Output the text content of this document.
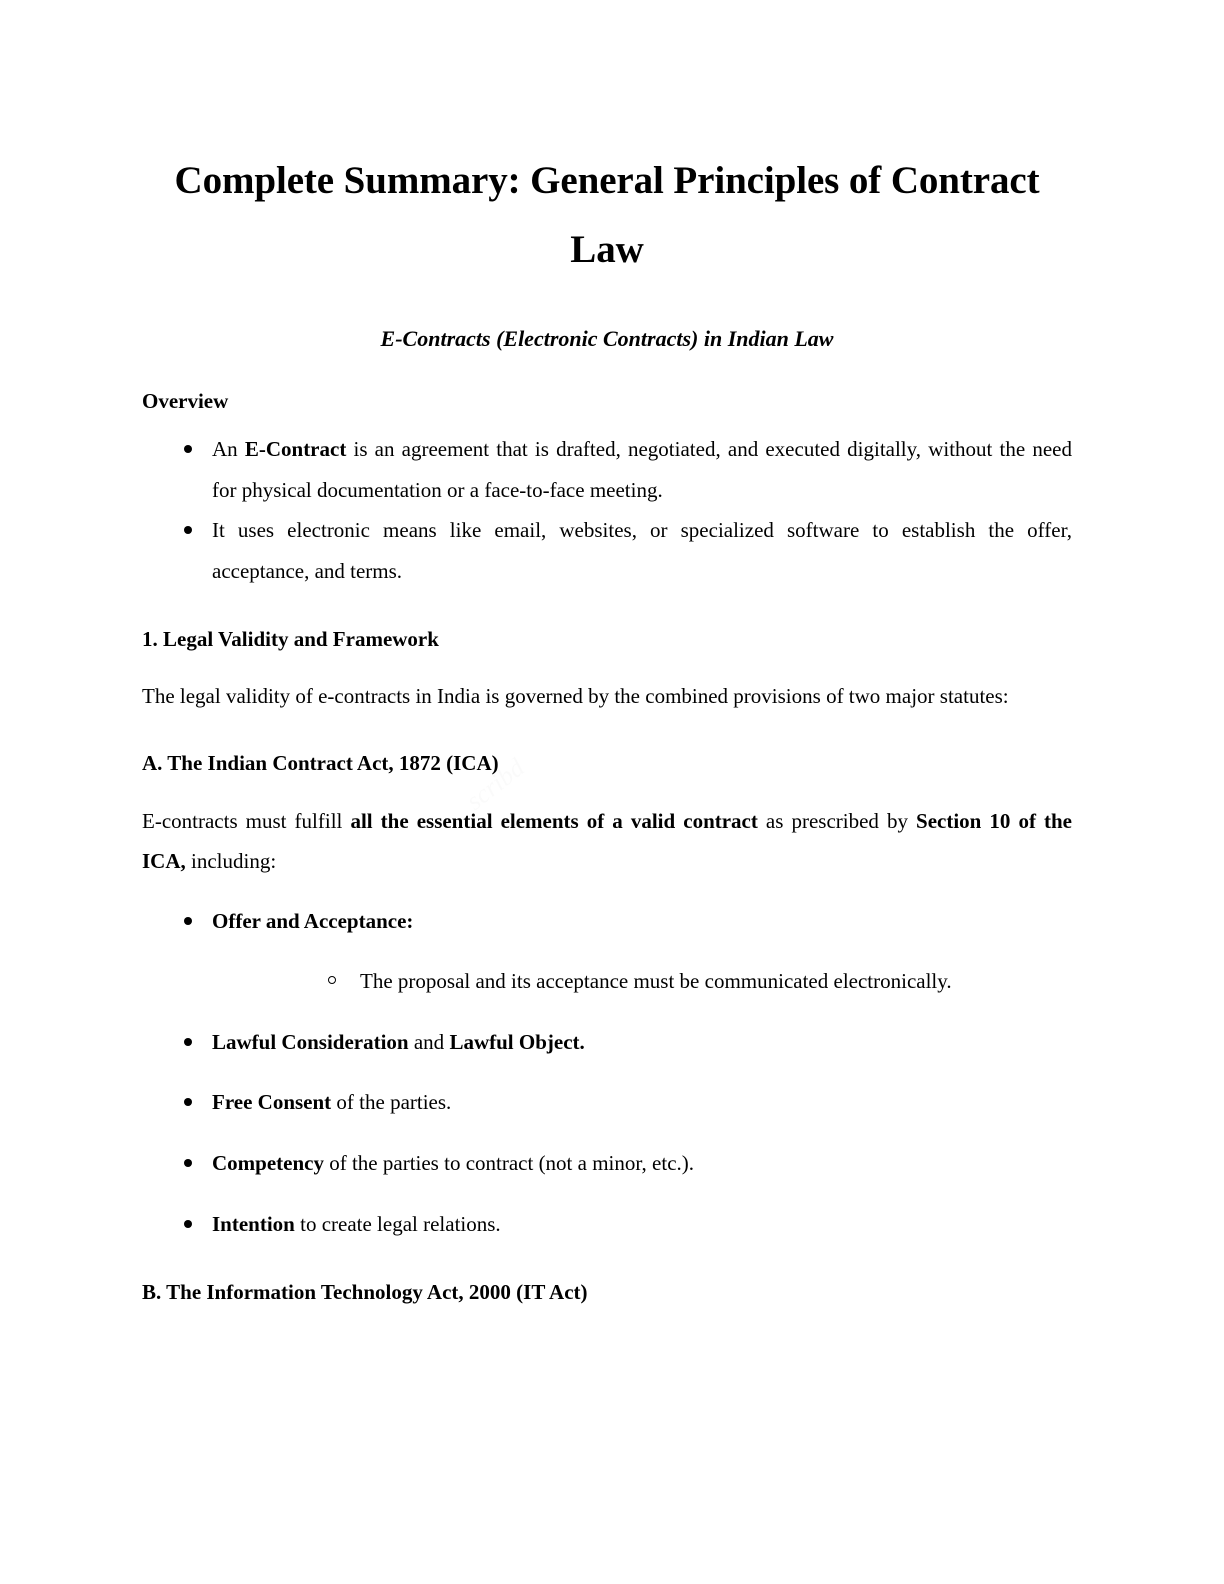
Complete Summary: General Principles of Contract Law
E-Contracts (Electronic Contracts) in Indian Law
Overview
An E-Contract is an agreement that is drafted, negotiated, and executed digitally, without the need for physical documentation or a face-to-face meeting.
It uses electronic means like email, websites, or specialized software to establish the offer, acceptance, and terms.
1. Legal Validity and Framework

The legal validity of e-contracts in India is governed by the combined provisions of two major statutes:

A. The Indian Contract Act, 1872 (ICA)

E-contracts must fulfill all the essential elements of a valid contract as prescribed by Section 10 of the ICA, including:

Offer and Acceptance:
The proposal and its acceptance must be communicated electronically.
Lawful Consideration and Lawful Object.
Free Consent of the parties.
Competency of the parties to contract (not a minor, etc.).
Intention to create legal relations.
B. The Information Technology Act, 2000 (IT Act)
